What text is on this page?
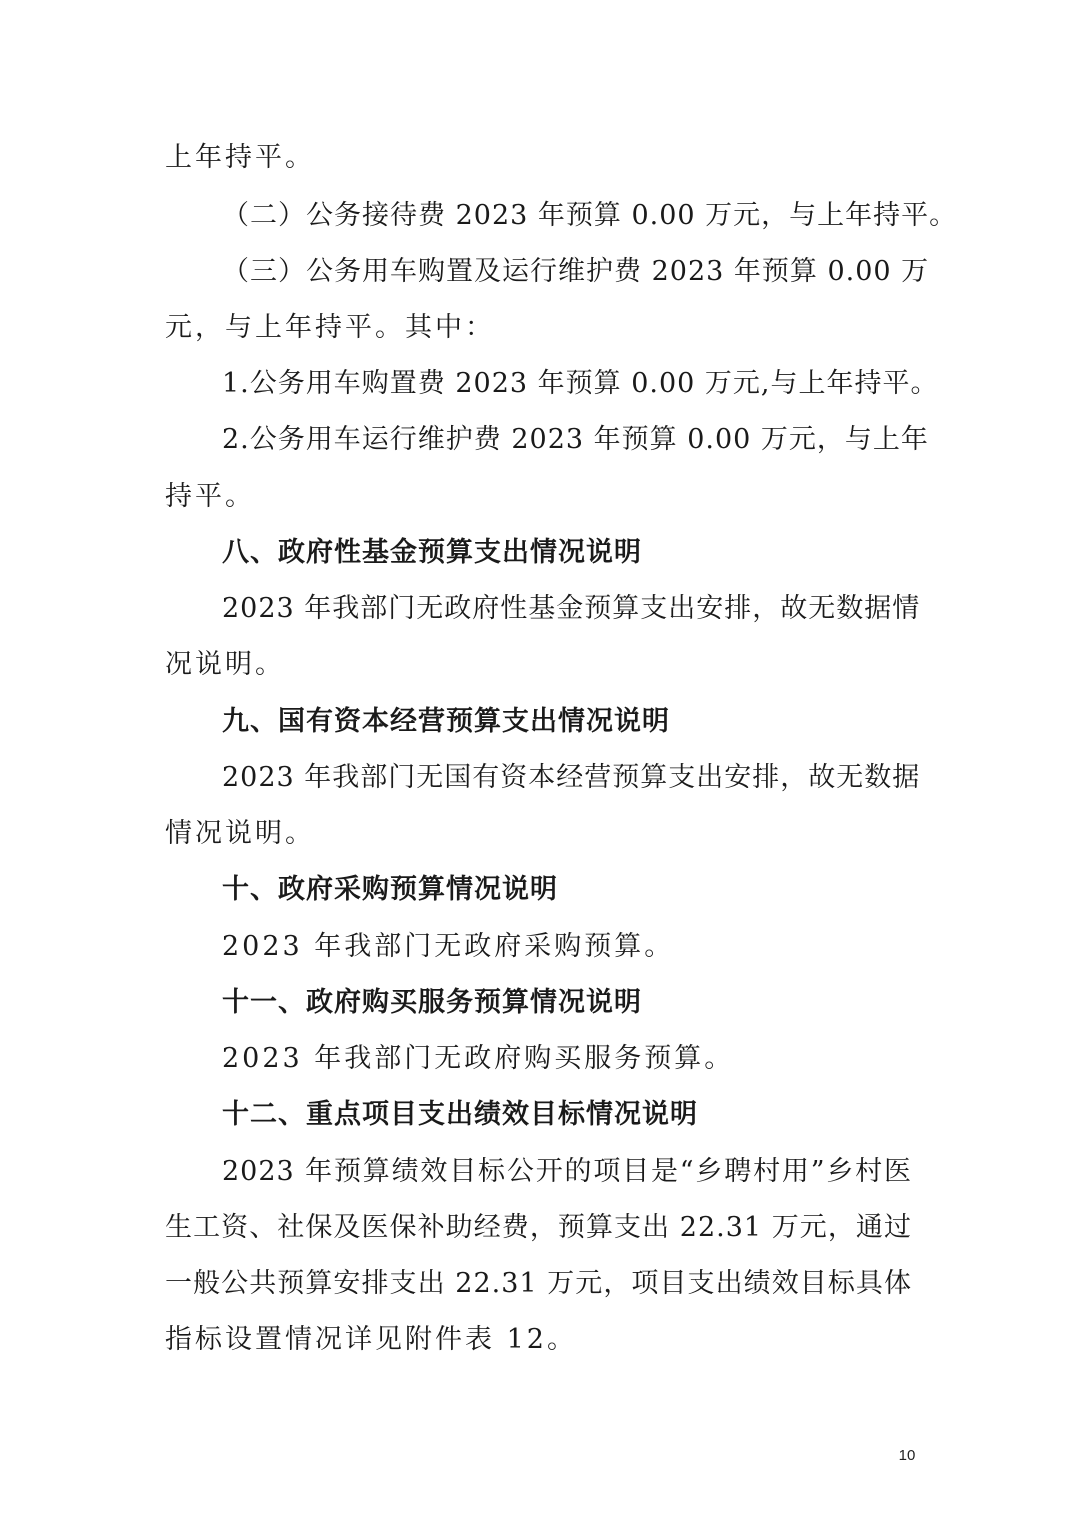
上年持平。

（二）公务接待费 2023 年预算 0.00 万元，与上年持平。

（三）公务用车购置及运行维护费 2023 年预算 0.00 万

元，与上年持平。其中：

1.公务用车购置费 2023 年预算 0.00 万元,与上年持平。

2.公务用车运行维护费 2023 年预算 0.00 万元，与上年

持平。

八、政府性基金预算支出情况说明

2023 年我部门无政府性基金预算支出安排，故无数据情

况说明。

九、国有资本经营预算支出情况说明

2023 年我部门无国有资本经营预算支出安排，故无数据

情况说明。

十、政府采购预算情况说明

2023 年我部门无政府采购预算。

十一、政府购买服务预算情况说明

2023 年我部门无政府购买服务预算。

十二、重点项目支出绩效目标情况说明

2023 年预算绩效目标公开的项目是“乡聘村用”乡村医

生工资、社保及医保补助经费，预算支出 22.31 万元，通过

一般公共预算安排支出 22.31 万元，项目支出绩效目标具体

指标设置情况详见附件表 12。

10
